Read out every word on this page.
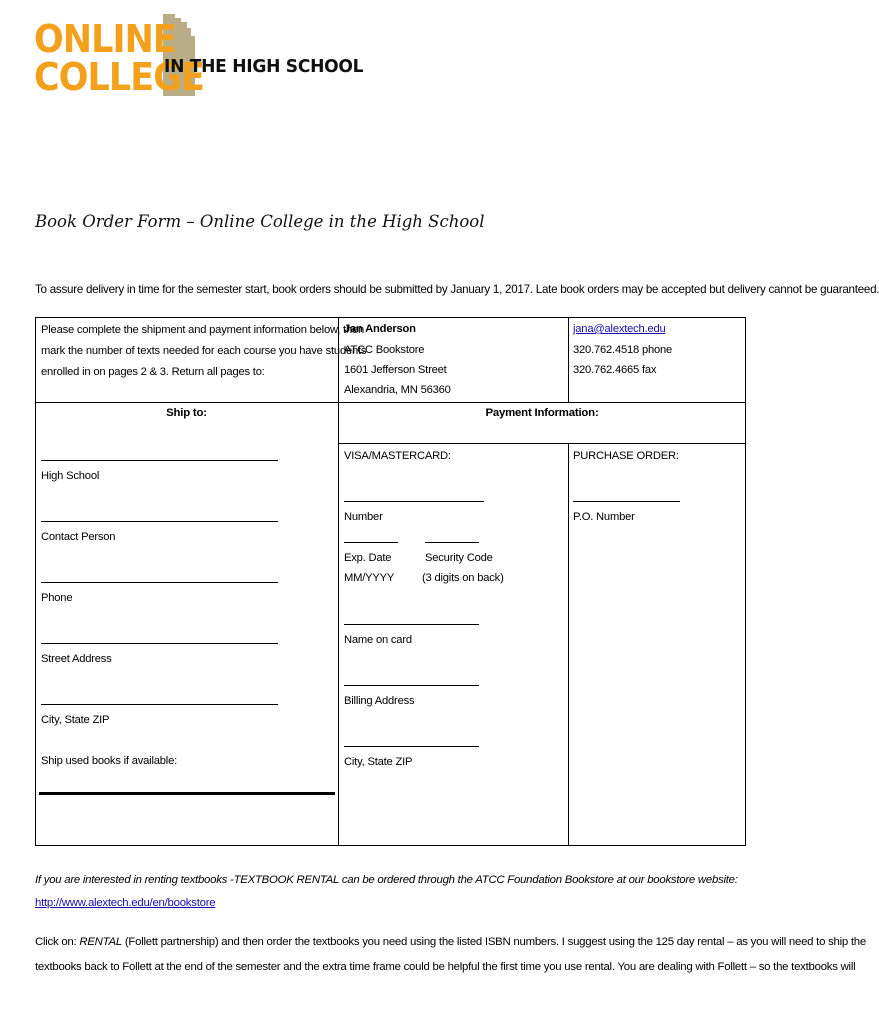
ONLINE
COLLEGE
IN THE HIGH SCHOOL
Book Order Form – Online College in the High School
To assure delivery in time for the semester start, book orders should be submitted by January 1, 2017. Late book orders may be accepted but delivery cannot be guaranteed.
Please complete the shipment and payment information below, then
mark the number of texts needed for each course you have students
enrolled in on pages 2 & 3. Return all pages to:
Jan Anderson
ATCC Bookstore
1601 Jefferson Street
Alexandria, MN 56360
jana@alextech.edu
320.762.4518 phone
320.762.4665 fax
Ship to:
High School
Contact Person
Phone
Street Address
City, State ZIP
Ship used books if available:
Payment Information:
VISA/MASTERCARD:
Number
Exp. Date	Security Code
MM/YYYY (3 digits on back)
Name on card
Billing Address
City, State ZIP
PURCHASE ORDER:
P.O. Number
If you are interested in renting textbooks -TEXTBOOK RENTAL can be ordered through the ATCC Foundation Bookstore at our bookstore website:
http://www.alextech.edu/en/bookstore
Click on: RENTAL (Follett partnership) and then order the textbooks you need using the listed ISBN numbers. I suggest using the 125 day rental – as you will need to ship the
textbooks back to Follett at the end of the semester and the extra time frame could be helpful the first time you use rental. You are dealing with Follett – so the textbooks will
